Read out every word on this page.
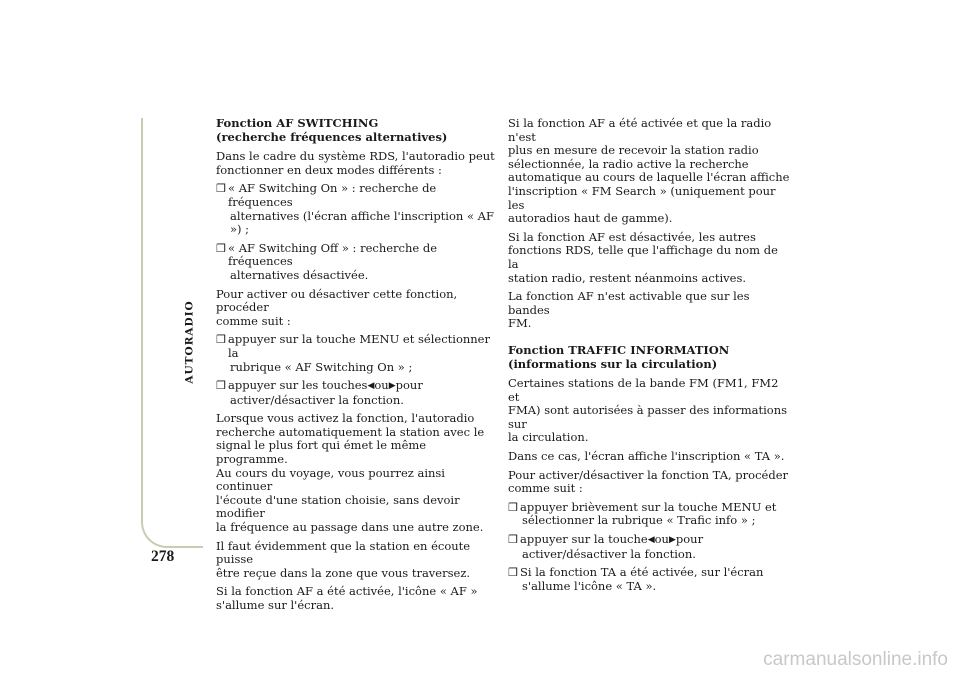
AUTORADIO
278
Fonction AF SWITCHING
(recherche fréquences alternatives)
Dans le cadre du système RDS, l'autoradio peut
fonctionner en deux modes différents :
❒ « AF Switching On » : recherche de fréquences
alternatives (l'écran affiche l'inscription « AF ») ;
❒ « AF Switching Off » : recherche de fréquences
alternatives désactivée.
Pour activer ou désactiver cette fonction, procéder
comme suit :
❒ appuyer sur la touche MENU et sélectionner la
rubrique « AF Switching On » ;
❒ appuyer sur les touches◀ou▶pour
activer/désactiver la fonction.
Lorsque vous activez la fonction, l'autoradio
recherche automatiquement la station avec le
signal le plus fort qui émet le même programme.
Au cours du voyage, vous pourrez ainsi continuer
l'écoute d'une station choisie, sans devoir modifier
la fréquence au passage dans une autre zone.
Il faut évidemment que la station en écoute puisse
être reçue dans la zone que vous traversez.
Si la fonction AF a été activée, l'icône « AF »
s'allume sur l'écran.
Si la fonction AF a été activée et que la radio n'est
plus en mesure de recevoir la station radio
sélectionnée, la radio active la recherche
automatique au cours de laquelle l'écran affiche
l'inscription « FM Search » (uniquement pour les
autoradios haut de gamme).
Si la fonction AF est désactivée, les autres
fonctions RDS, telle que l'affichage du nom de la
station radio, restent néanmoins actives.
La fonction AF n'est activable que sur les bandes
FM.
Fonction TRAFFIC INFORMATION
(informations sur la circulation)
Certaines stations de la bande FM (FM1, FM2 et
FMA) sont autorisées à passer des informations sur
la circulation.
Dans ce cas, l'écran affiche l'inscription « TA ».
Pour activer/désactiver la fonction TA, procéder
comme suit :
❒ appuyer brièvement sur la touche MENU et
sélectionner la rubrique « Trafic info » ;
❒ appuyer sur la touche◀ou▶pour
activer/désactiver la fonction.
❒ Si la fonction TA a été activée, sur l'écran
s'allume l'icône « TA ».
carmanualsonline.info
